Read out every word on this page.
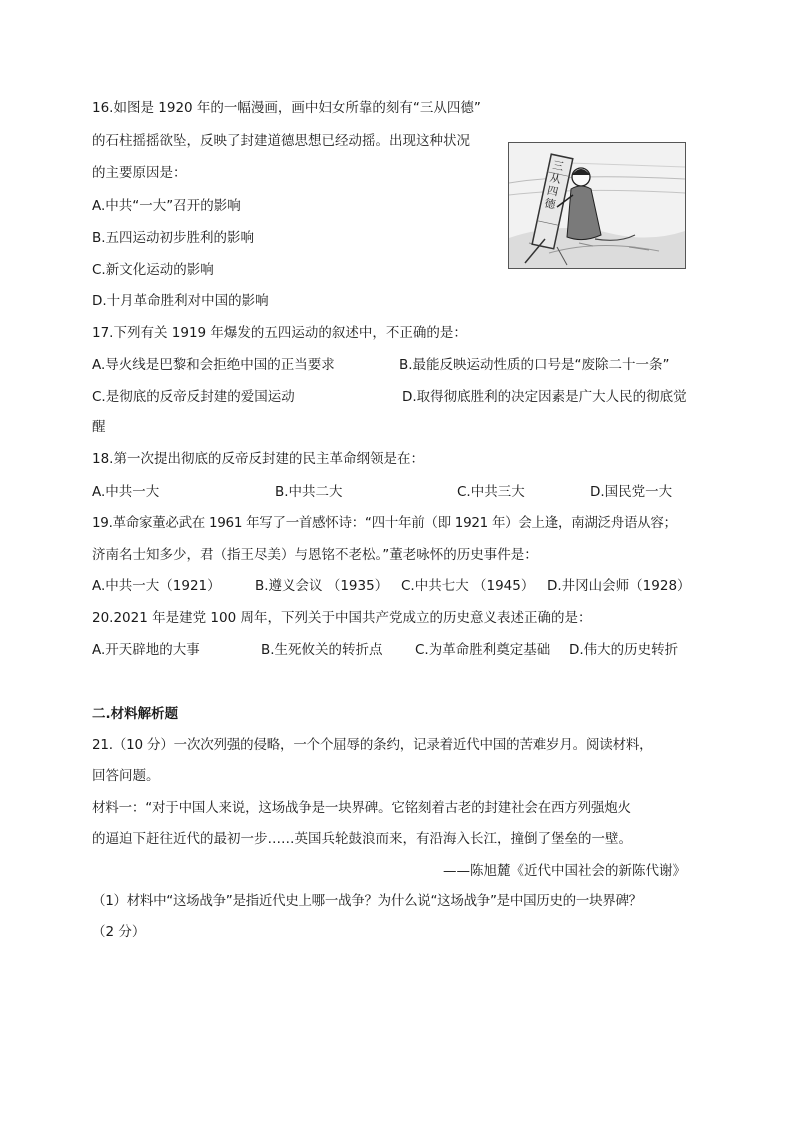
16.如图是 1920 年的一幅漫画，画中妇女所靠的刻有“三从四德”
的石柱摇摇欲坠，反映了封建道德思想已经动摇。出现这种状况
的主要原因是：
A.中共“一大”召开的影响
B.五四运动初步胜利的影响
C.新文化运动的影响
D.十月革命胜利对中国的影响
三从四德
17.下列有关 1919 年爆发的五四运动的叙述中，不正确的是：
A.导火线是巴黎和会拒绝中国的正当要求	B.最能反映运动性质的口号是“废除二十一条”
C.是彻底的反帝反封建的爱国运动	D.取得彻底胜利的决定因素是广大人民的彻底觉
醒
18.第一次提出彻底的反帝反封建的民主革命纲领是在：
A.中共一大	B.中共二大	C.中共三大	D.国民党一大
19.革命家董必武在 1961 年写了一首感怀诗：“四十年前（即 1921 年）会上逢，南湖泛舟语从容；
济南名士知多少，君（指王尽美）与恩铭不老松。”董老咏怀的历史事件是：
A.中共一大（1921）	B.遵义会议 （1935） C.中共七大 （1945） D.井冈山会师（1928）
20.2021 年是建党 100 周年，下列关于中国共产党成立的历史意义表述正确的是：
A.开天辟地的大事	B.生死攸关的转折点 C.为革命胜利奠定基础 D.伟大的历史转折
二.材料解析题
21.（10 分）一次次列强的侵略，一个个屈辱的条约，记录着近代中国的苦难岁月。阅读材料，
回答问题。
材料一：“对于中国人来说，这场战争是一块界碑。它铭刻着古老的封建社会在西方列强炮火
的逼迫下赶往近代的最初一步……英国兵轮鼓浪而来，有沿海入长江，撞倒了堡垒的一壁。
——陈旭麓《近代中国社会的新陈代谢》
（1）材料中“这场战争”是指近代史上哪一战争？为什么说“这场战争”是中国历史的一块界碑？
（2 分）
